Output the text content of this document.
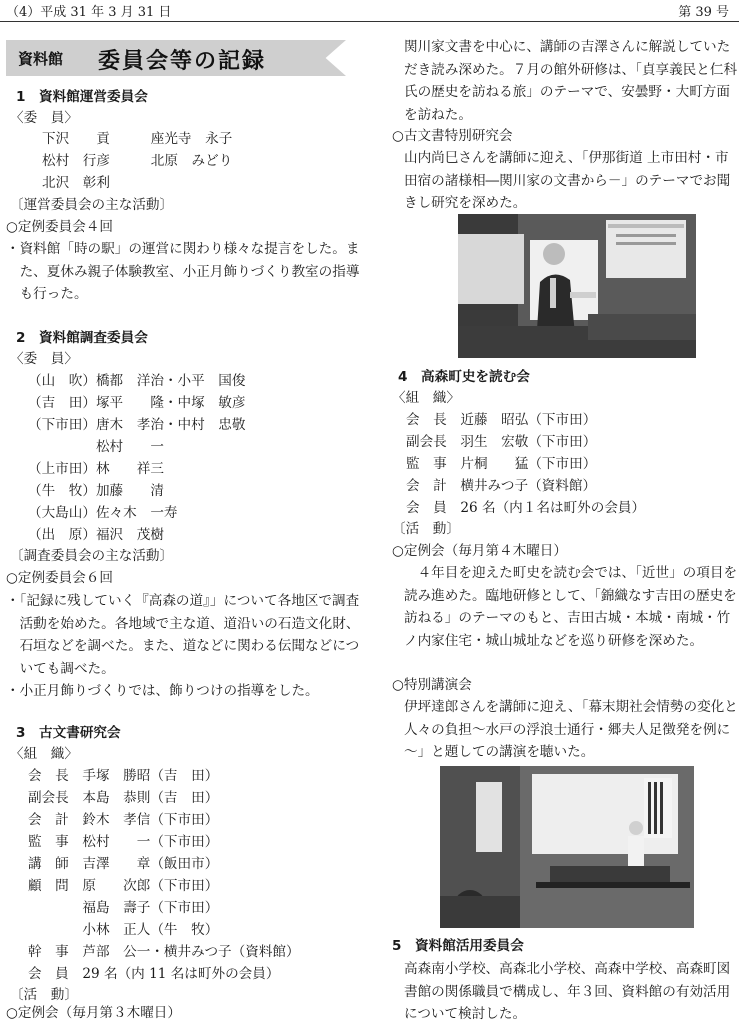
（4）平成 31 年 3 月 31 日	第 39 号
資料館 委員会等の記録
1　資料館運営委員会
〈委　員〉
下沢　　貢　　　座光寺　永子
松村　行彦　　　北原　みどり
北沢　彰利
〔運営委員会の主な活動〕
○定例委員会４回
・資料館「時の駅」の運営に関わり様々な提言をした。また、夏休み親子体験教室、小正月飾りづくり教室の指導も行った。
2　資料館調査委員会
〈委　員〉
（山　吹）橋都　洋治・小平　国俊
（吉　田）塚平　　隆・中塚　敏彦
（下市田）唐木　孝治・中村　忠敬
　　　　　松村　　一
（上市田）林　　祥三
（牛　牧）加藤　　清
（大島山）佐々木　一寿
（出　原）福沢　茂樹
〔調査委員会の主な活動〕
○定例委員会６回
・「記録に残していく『高森の道』」について各地区で調査活動を始めた。各地域で主な道、道沿いの石造文化財、石垣などを調べた。また、道などに関わる伝聞などについても調べた。
・小正月飾りづくりでは、飾りつけの指導をした。
3　古文書研究会
〈組　織〉
会　長　手塚　勝昭（吉　田）
副会長　本島　恭則（吉　田）
会　計　鈴木　孝信（下市田）
監　事　松村　　一（下市田）
講　師　吉澤　　章（飯田市）
顧　問　原　　次郎（下市田）
　　　　福島　壽子（下市田）
　　　　小林　正人（牛　牧）
幹　事　芦部　公一・横井みつ子（資料館）
会　員　29 名（内 11 名は町外の会員）
〔活　動〕
○定例会（毎月第３木曜日）
関川家文書を中心に、講師の吉澤さんに解説していただき読み深めた。７月の館外研修は、「貞享義民と仁科氏の歴史を訪ねる旅」のテーマで、安曇野・大町方面を訪ねた。
○古文書特別研究会
山内尚巳さんを講師に迎え、「伊那街道 上市田村・市田宿の諸様相―関川家の文書から－」のテーマでお聞きし研究を深めた。
4　高森町史を読む会
〈組　織〉
会　長　近藤　昭弘（下市田）
副会長　羽生　宏敬（下市田）
監　事　片桐　　猛（下市田）
会　計　横井みつ子（資料館）
会　員　26 名（内１名は町外の会員）
〔活　動〕
○定例会（毎月第４木曜日）
４年目を迎えた町史を読む会では、「近世」の項目を読み進めた。臨地研修として、「錦織なす吉田の歴史を訪ねる」のテーマのもと、吉田古城・本城・南城・竹ノ内家住宅・城山城址などを巡り研修を深めた。
○特別講演会
伊坪達郎さんを講師に迎え、「幕末期社会情勢の変化と人々の負担～水戸の浮浪士通行・郷夫人足徴発を例に～」と題しての講演を聴いた。
5　資料館活用委員会
高森南小学校、高森北小学校、高森中学校、高森町図書館の関係職員で構成し、年３回、資料館の有効活用について検討した。
